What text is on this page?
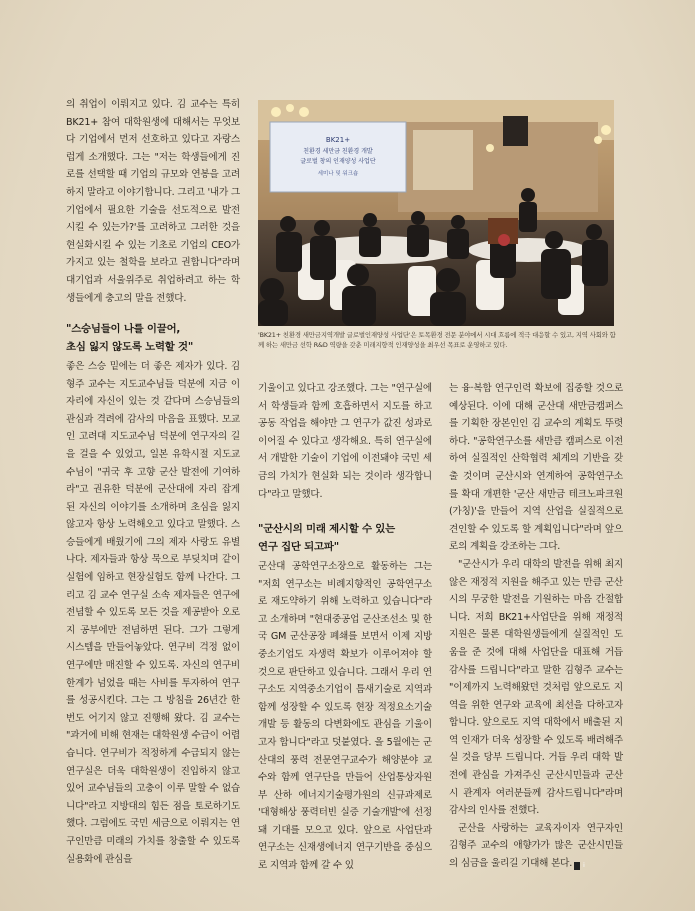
의 취업이 이뤄지고 있다. 김 교수는 특히 BK21+ 참여 대학원생에 대해서는 무엇보다 기업에서 먼저 선호하고 있다고 자랑스럽게 소개했다. 그는 "저는 학생들에게 진로를 선택할 때 기업의 규모와 연봉을 고려하지 말라고 이야기합니다. 그리고 '내가 그 기업에서 필요한 기술을 선도적으로 발전시킬 수 있는가?'를 고려하고 그러한 것을 현실화시킬 수 있는 기초로 기업의 CEO가 가지고 있는 철학을 보라고 권합니다"라며 대기업과 서울위주로 취업하려고 하는 학생들에게 충고의 말을 전했다.

"스승님들이 나를 이끌어,
초심 잃지 않도록 노력할 것"

좋은 스승 밑에는 더 좋은 제자가 있다. 김형주 교수는 지도교수님들 덕분에 지금 이 자리에 자신이 있는 것 같다며 스승님들의 관심과 격려에 감사의 마음을 표했다. 모교인 고려대 지도교수님 덕분에 연구자의 길을 걸을 수 있었고, 일본 유학시절 지도교수님이 "귀국 후 고향 군산 발전에 기여하라"고 권유한 덕분에 군산대에 자리 잡게 된 자신의 이야기를 소개하며 초심을 잃지 않고자 항상 노력해오고 있다고 말했다. 스승들에게 배웠기에 그의 제자 사랑도 유별나다. 제자들과 항상 묵으로 부딪치며 같이 실험에 임하고 현장실험도 함께 나간다. 그리고 김 교수 연구실 소속 제자들은 연구에 전념할 수 있도록 모든 것을 제공받아 오로지 공부에만 전념하면 된다. 그가 그렇게 시스템을 만들어놓았다. 연구비 걱정 없이 연구에만 매진할 수 있도록. 자신의 연구비 한계가 넘었을 때는 사비를 투자하여 연구를 성공시킨다. 그는 그 방침을 26년간 한 번도 어기지 않고 진행해 왔다. 김 교수는 "과거에 비해 현재는 대학원생 수급이 어렵습니다. 연구비가 적정하게 수급되지 않는 연구실은 더욱 대학원생이 진입하지 않고 있어 교수님들의 고충이 이루 말할 수 없습니다"라고 지방대의 힘든 점을 토로하기도 했다. 그럼에도 국민 세금으로 이뤄지는 연구인만큼 미래의 가치를 창출할 수 있도록 실용화에 관심을

BK21+
친환경 세만금 친환경 개발
글로벌 창의 인재양성 사업단
세미나 및 워크숍
'BK21+ 친환경 새만금지역개발 글로벌인재양성 사업단'은 토목환경 전문 분야에서 시대 흐름에 적극 대응할 수 있고, 지역 사회와 함께 하는 새만금 선학 R&D 역량을 갖춘 미래지향적 인재양성을 최우선 목표로 운영하고 있다.

기울이고 있다고 강조했다. 그는 "연구실에서 학생들과 함께 호흡하면서 지도를 하고 공동 작업을 해야만 그 연구가 값진 성과로 이어질 수 있다고 생각해요. 특히 연구실에서 개발한 기술이 기업에 이전돼야 국민 세금의 가치가 현실화 되는 것이라 생각합니다"라고 말했다.

"군산시의 미래 제시할 수 있는
연구 집단 되고파"

군산대 공학연구소장으로 활동하는 그는 "저희 연구소는 비례지향적인 공학연구소로 재도약하기 위해 노력하고 있습니다"라고 소개하며 "현대중공업 군산조선소 및 한국 GM 군산공장 폐쇄를 보면서 이제 지방 중소기업도 자생력 확보가 이루어져야 할 것으로 판단하고 있습니다. 그래서 우리 연구소도 지역중소기업이 틈새기술로 지역과 함께 성장할 수 있도록 현장 적정요소기술 개발 등 활동의 다변화에도 관심을 기울이고자 합니다"라고 덧붙였다. 올 5월에는 군산대의 풍력 전문연구교수가 해양분야 교수와 함께 연구단을 만들어 산업통상자원부 산하 에너지기술평가원의 신규과제로 '대형해상 풍력터빈 실증 기술개발'에 선정돼 기대를 모으고 있다. 앞으로 사업단과 연구소는 신재생에너지 연구기반을 중심으로 지역과 함께 갈 수 있

는 융·복합 연구인력 확보에 집중할 것으로 예상된다. 이에 대해 군산대 새만금캠퍼스를 기획한 장본인인 김 교수의 계획도 뚜렷하다. "공학연구소를 새만큼 캠퍼스로 이전하여 실질적인 산학협력 체계의 기반을 갖출 것이며 군산시와 연계하여 공학연구소를 확대 개편한 '군산 새만금 테크노파크원(가칭)'을 만들어 지역 산업을 실질적으로 견인할 수 있도록 할 계획입니다"라며 앞으로의 계획을 강조하는 그다.

"군산시가 우리 대학의 발전을 위해 최지않은 재정적 지원을 해주고 있는 만큼 군산시의 무궁한 발전을 기원하는 마음 간절합니다. 저희 BK21+사업단을 위해 재정적 지원은 물론 대학원생들에게 실질적인 도움을 준 것에 대해 사업단을 대표해 거듭 감사를 드립니다"라고 말한 김형주 교수는 "이제까지 노력해왔던 것처럼 앞으로도 지역을 위한 연구와 교육에 최선을 다하고자 합니다. 앞으로도 지역 대학에서 배출된 지역 인재가 더욱 성장할 수 있도록 배려해주실 것을 당부 드립니다. 거듭 우리 대학 발전에 관심을 가져주신 군산시민들과 군산시 관계자 여러분들께 감사드립니다"라며 감사의 인사를 전했다.

군산을 사랑하는 교육자이자 연구자인 김형주 교수의 애향가가 많은 군산시민들의 심금을 울리길 기대해 본다. i
